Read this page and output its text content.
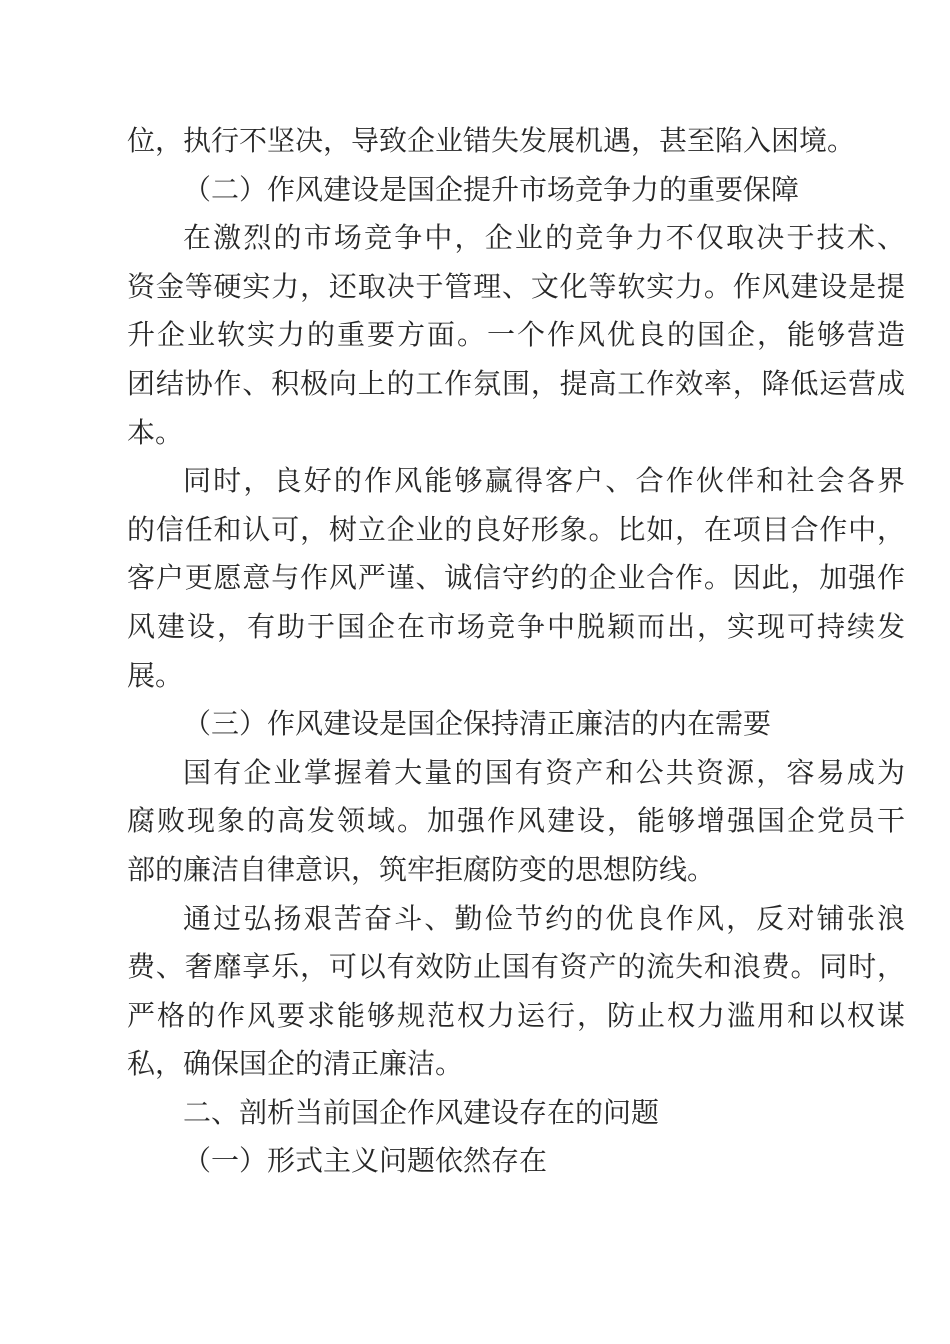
位，执行不坚决，导致企业错失发展机遇，甚至陷入困境。
（二）作风建设是国企提升市场竞争力的重要保障
在激烈的市场竞争中，企业的竞争力不仅取决于技术、
资金等硬实力，还取决于管理、文化等软实力。作风建设是提
升企业软实力的重要方面。一个作风优良的国企，能够营造
团结协作、积极向上的工作氛围，提高工作效率，降低运营成
本。
同时，良好的作风能够赢得客户、合作伙伴和社会各界
的信任和认可，树立企业的良好形象。比如，在项目合作中，
客户更愿意与作风严谨、诚信守约的企业合作。因此，加强作
风建设，有助于国企在市场竞争中脱颖而出，实现可持续发
展。
（三）作风建设是国企保持清正廉洁的内在需要
国有企业掌握着大量的国有资产和公共资源，容易成为
腐败现象的高发领域。加强作风建设，能够增强国企党员干
部的廉洁自律意识，筑牢拒腐防变的思想防线。
通过弘扬艰苦奋斗、勤俭节约的优良作风，反对铺张浪
费、奢靡享乐，可以有效防止国有资产的流失和浪费。同时，
严格的作风要求能够规范权力运行，防止权力滥用和以权谋
私，确保国企的清正廉洁。
二、剖析当前国企作风建设存在的问题
（一）形式主义问题依然存在
